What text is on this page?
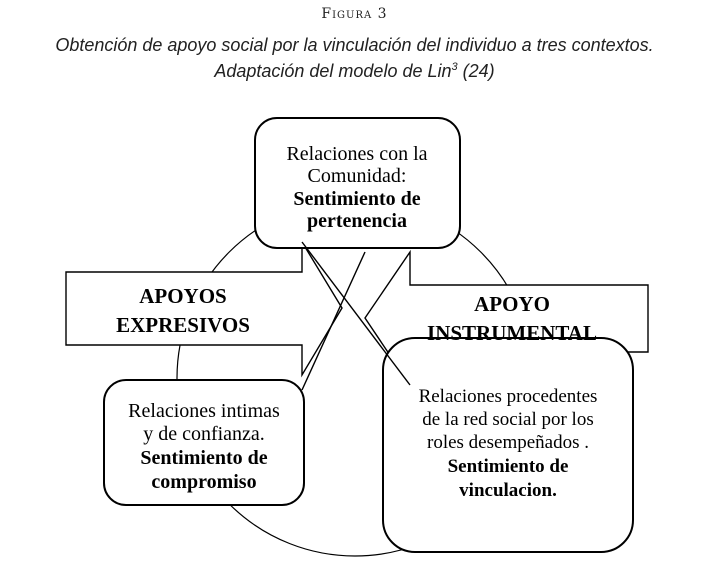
Figura 3
Obtención de apoyo social por la vinculación del individuo a tres contextos.
Adaptación del modelo de Lin$^3$ (24)
APOYOS
EXPRESIVOS
APOYO
INSTRUMENTAL
Relaciones con la
Comunidad:
Sentimiento de
pertenencia
Relaciones intimas
y de confianza.
Sentimiento de
compromiso
Relaciones procedentes
de la red social por los
roles desempeñados .
Sentimiento de
vinculacion.
